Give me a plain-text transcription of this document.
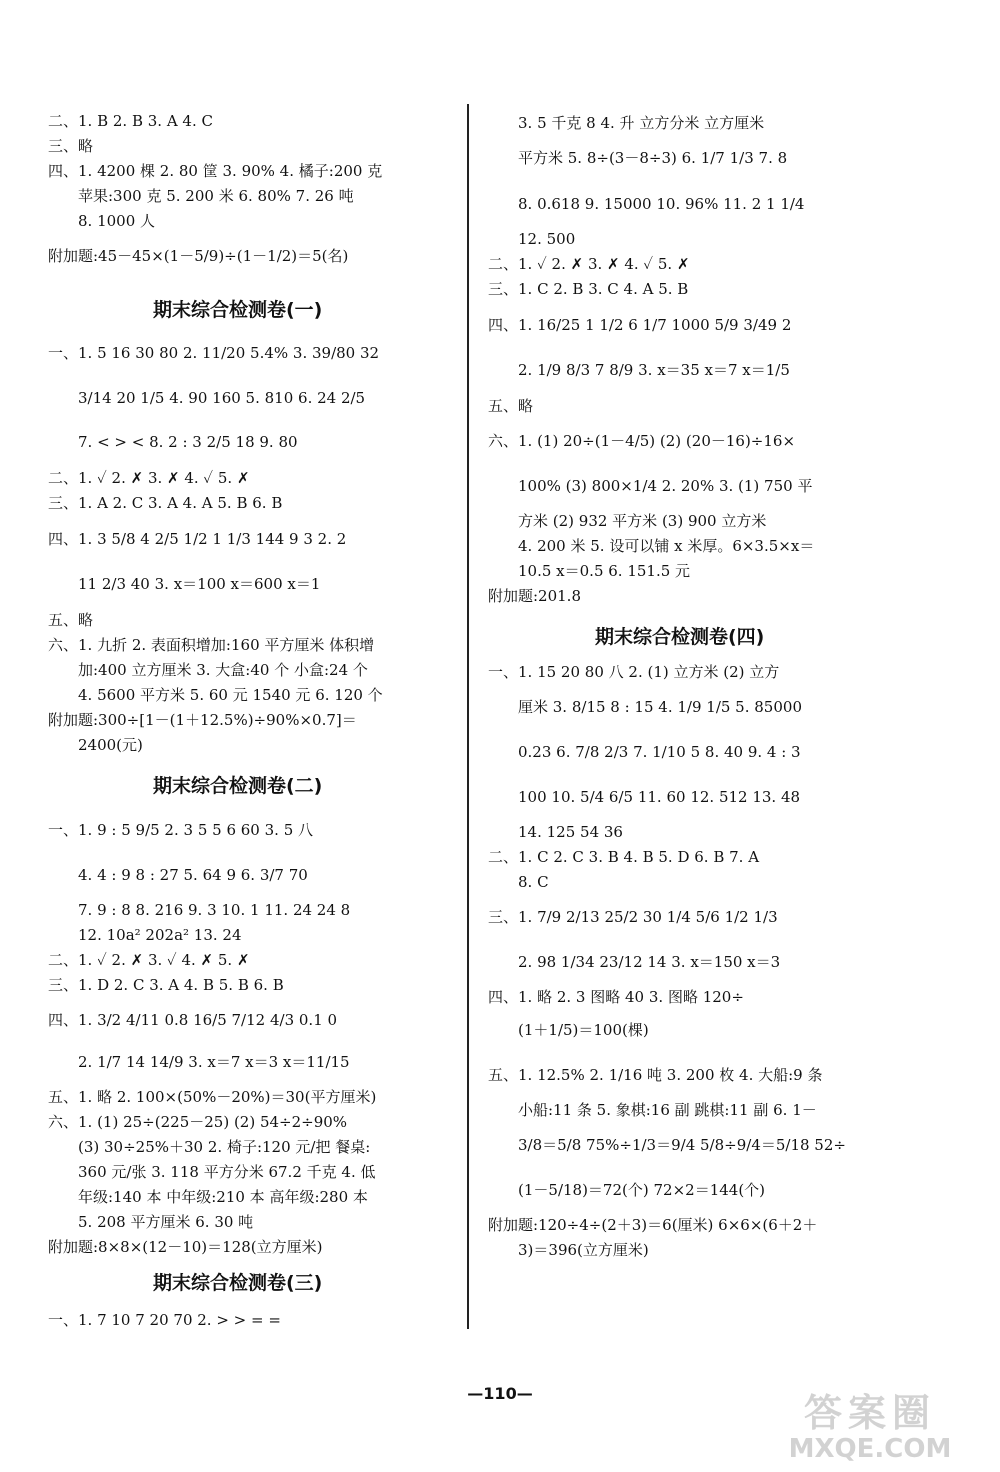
二、1. B 2. B 3. A 4. C
三、略
四、1. 4200 棵 2. 80 筐 3. 90% 4. 橘子:200 克
苹果:300 克 5. 200 米 6. 80% 7. 26 吨
8. 1000 人
附加题:45－45×(1－5/9)÷(1－1/2)＝5(名)
一、1. 5 16 30 80 2. 11/20 5.4% 3. 39/80 32
3/14 20 1/5 4. 90 160 5. 810 6. 24 2/5
7. < > < 8. 2 : 3 2/5 18 9. 80
二、1. ✓ 2. ✗ 3. ✗ 4. ✓ 5. ✗
三、1. A 2. C 3. A 4. A 5. B 6. B
四、1. 3 5/8 4 2/5 1/2 1 1/3 144 9 3 2. 2
11 2/3 40 3. x＝100 x＝600 x＝1
五、略
六、1. 九折 2. 表面积增加:160 平方厘米 体积增
加:400 立方厘米 3. 大盒:40 个 小盒:24 个
4. 5600 平方米 5. 60 元 1540 元 6. 120 个
附加题:300÷[1－(1＋12.5%)÷90%×0.7]＝
2400(元)
一、1. 9 : 5 9/5 2. 3 5 5 6 60 3. 5 八
4. 4 : 9 8 : 27 5. 64 9 6. 3/7 70
7. 9 : 8 8. 216 9. 3 10. 1 11. 24 24 8
12. 10a² 202a² 13. 24
二、1. ✓ 2. ✗ 3. ✓ 4. ✗ 5. ✗
三、1. D 2. C 3. A 4. B 5. B 6. B
四、1. 3/2 4/11 0.8 16/5 7/12 4/3 0.1 0
2. 1/7 14 14/9 3. x＝7 x＝3 x＝11/15
五、1. 略 2. 100×(50%－20%)＝30(平方厘米)
六、1. (1) 25÷(225－25) (2) 54÷2÷90%
(3) 30÷25%＋30 2. 椅子:120 元/把 餐桌:
360 元/张 3. 118 平方分米 67.2 千克 4. 低
年级:140 本 中年级:210 本 高年级:280 本
5. 208 平方厘米 6. 30 吨
附加题:8×8×(12－10)＝128(立方厘米)
一、1. 7 10 7 20 70 2. > > = =
3. 5 千克 8 4. 升 立方分米 立方厘米
平方米 5. 8÷(3－8÷3) 6. 1/7 1/3 7. 8
8. 0.618 9. 15000 10. 96% 11. 2 1 1/4
12. 500
二、1. ✓ 2. ✗ 3. ✗ 4. ✓ 5. ✗
三、1. C 2. B 3. C 4. A 5. B
四、1. 16/25 1 1/2 6 1/7 1000 5/9 3/49 2
2. 1/9 8/3 7 8/9 3. x＝35 x＝7 x＝1/5
五、略
六、1. (1) 20÷(1－4/5) (2) (20－16)÷16×
100% (3) 800×1/4 2. 20% 3. (1) 750 平
方米 (2) 932 平方米 (3) 900 立方米
4. 200 米 5. 设可以铺 x 米厚。6×3.5×x＝
10.5 x＝0.5 6. 151.5 元
附加题:201.8
一、1. 15 20 80 八 2. (1) 立方米 (2) 立方
厘米 3. 8/15 8 : 15 4. 1/9 1/5 5. 85000
0.23 6. 7/8 2/3 7. 1/10 5 8. 40 9. 4 : 3
100 10. 5/4 6/5 11. 60 12. 512 13. 48
14. 125 54 36
二、1. C 2. C 3. B 4. B 5. D 6. B 7. A
8. C
三、1. 7/9 2/13 25/2 30 1/4 5/6 1/2 1/3
2. 98 1/34 23/12 14 3. x＝150 x＝3
四、1. 略 2. 3 图略 40 3. 图略 120÷
(1＋1/5)＝100(棵)
五、1. 12.5% 2. 1/16 吨 3. 200 枚 4. 大船:9 条
小船:11 条 5. 象棋:16 副 跳棋:11 副 6. 1－
3/8＝5/8 75%÷1/3＝9/4 5/8÷9/4＝5/18 52÷
(1－5/18)＝72(个) 72×2＝144(个)
附加题:120÷4÷(2＋3)＝6(厘米) 6×6×(6＋2＋
3)＝396(立方厘米)
期末综合检测卷(一)
期末综合检测卷(二)
期末综合检测卷(三)
期末综合检测卷(四)
—110—	答案圈
MXQE.COM
